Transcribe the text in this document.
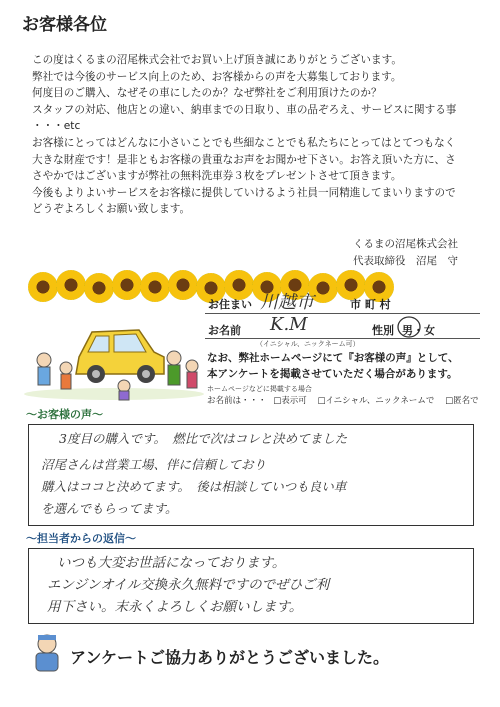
お客様各位
この度はくるまの沼尾株式会社でお買い上げ頂き誠にありがとうございます。
弊社では今後のサービス向上のため、お客様からの声を大募集しております。
何度目のご購入、なぜその車にしたのか？なぜ弊社をご利用頂けたのか？
スタッフの対応、他店との違い、納車までの日取り、車の品ぞろえ、サービスに関する事
・・・etc
お客様にとってはどんなに小さいことでも些細なことでも私たちにとってはとてつもなく
大きな財産です！是非ともお客様の貴重なお声をお聞かせ下さい。お答え頂いた方に、さ
さやかではございますが弊社の無料洗車券３枚をプレゼントさせて頂きます。
今後もよりよいサービスをお客様に提供していけるよう社員一同精進してまいりますので
どうぞよろしくお願い致します。
くるまの沼尾株式会社
代表取締役　沼尾　守
お住まい 川越市	市 町 村
お名前 K.M	性別 男・女
（イニシャル、ニックネーム可）
なお、弊社ホームページにて『お客様の声』として、
本アンケートを掲載させていただく場合があります。
ホームページなどに掲載する場合
お名前は・・・ □表示可 □イニシャル、ニックネームで □匿名で
～お客様の声～
3度目の購入です。　燃比で次はコレと決めてました
沼尾さんは営業工場、伴に信頼しており
購入はココと決めてます。　後は相談していつも良い車
を選んでもらってます。
～担当者からの返信～
いつも大変お世話になっております。
エンジンオイル交換永久無料ですのでぜひご利
用下さい。末永くよろしくお願いします。
アンケートご協力ありがとうございました。
